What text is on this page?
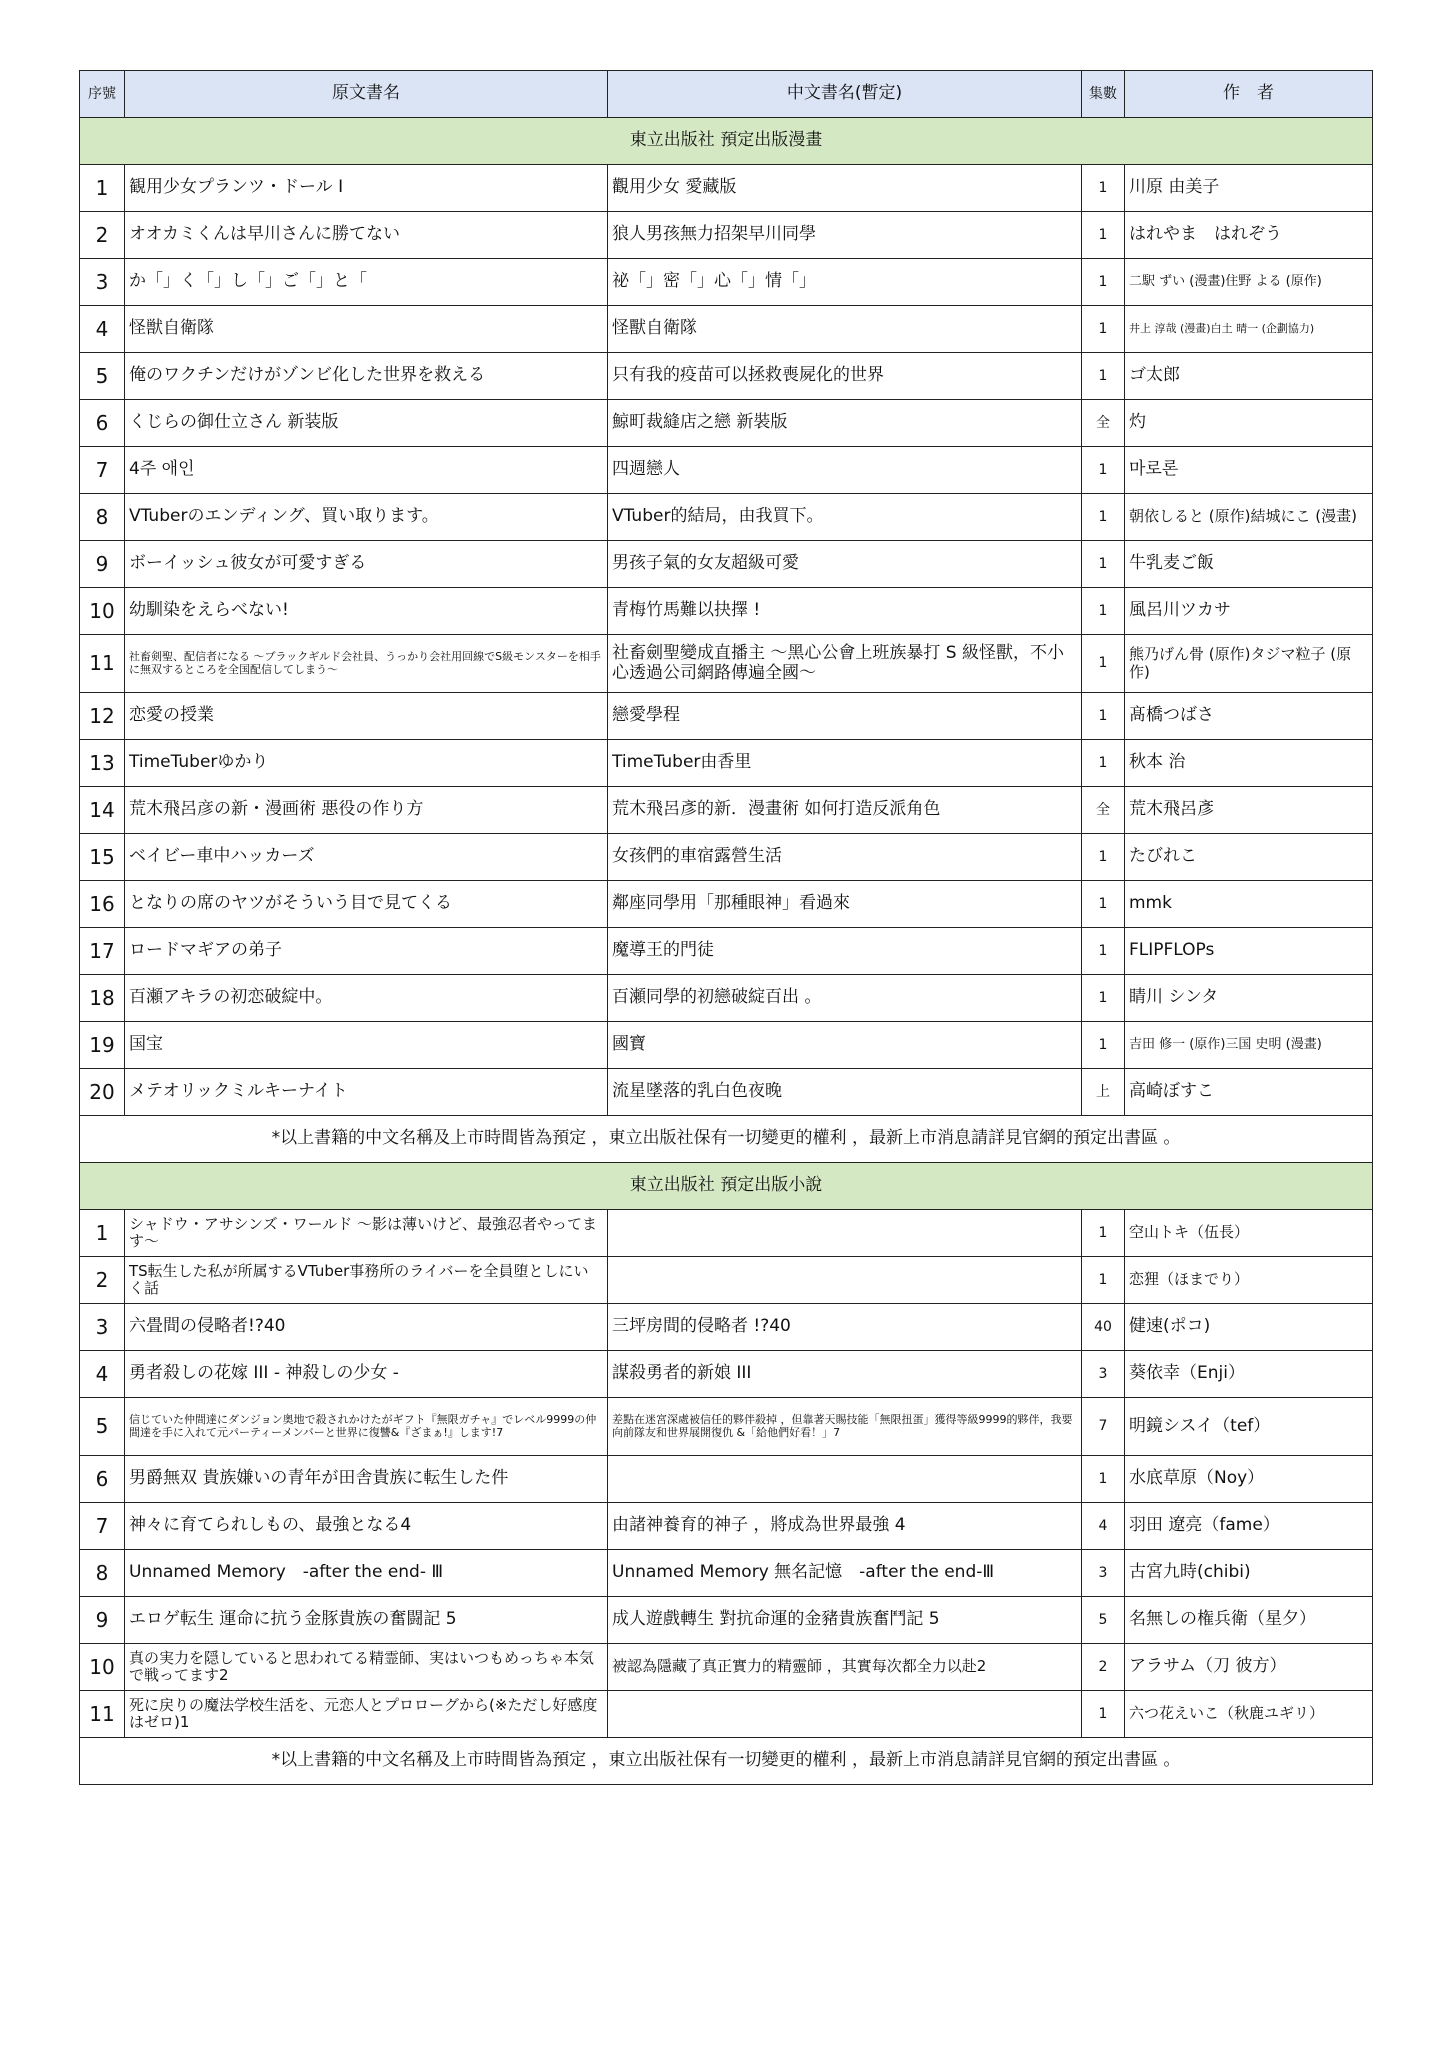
序號	原文書名	中文書名(暫定)	集數	作　者
東立出版社 預定出版漫畫				
1	観用少女プランツ・ドール Ⅰ	觀用少女 愛藏版	1	川原 由美子
2	オオカミくんは早川さんに勝てない	狼人男孩無力招架早川同學	1	はれやま　はれぞう
3	か「」く「」し「」ご「」と「	祕「」密「」心「」情「」	1	二駅 ずい (漫畫)住野 よる (原作)
4	怪獣自衛隊	怪獸自衛隊	1	井上 淳哉 (漫畫)白土 晴一 (企劃協力)
5	俺のワクチンだけがゾンビ化した世界を救える	只有我的疫苗可以拯救喪屍化的世界	1	ゴ太郎
6	くじらの御仕立さん 新装版	鯨町裁縫店之戀 新裝版	全	灼
7	4주 애인	四週戀人	1	마로론
8	VTuberのエンディング、買い取ります。	VTuber的結局，由我買下。	1	朝依しると (原作)結城にこ (漫畫)
9	ボーイッシュ彼女が可愛すぎる	男孩子氣的女友超級可愛	1	牛乳麦ご飯
10	幼馴染をえらべない!	青梅竹馬難以抉擇 !	1	風呂川ツカサ
11	社畜剣聖、配信者になる ～ブラックギルド会社員、うっかり会社用回線でS級モンスターを相手に無双するところを全国配信してしまう～	社畜劍聖變成直播主 ～黑心公會上班族暴打 S 級怪獸，不小心透過公司網路傳遍全國～	1	熊乃げん骨 (原作)タジマ粒子 (原作)
12	恋愛の授業	戀愛學程	1	髙橋つばさ
13	TimeTuberゆかり	TimeTuber由香里	1	秋本 治
14	荒木飛呂彦の新・漫画術 悪役の作り方	荒木飛呂彥的新．漫畫術 如何打造反派角色	全	荒木飛呂彥
15	ベイビー車中ハッカーズ	女孩們的車宿露營生活	1	たびれこ
16	となりの席のヤツがそういう目で見てくる	鄰座同學用「那種眼神」看過來	1	mmk
17	ロードマギアの弟子	魔導王的門徒	1	FLIPFLOPs
18	百瀬アキラの初恋破綻中。	百瀬同學的初戀破綻百出 。	1	睛川 シンタ
19	国宝	國寶	1	吉田 修一 (原作)三国 史明 (漫畫)
20	メテオリックミルキーナイト	流星墜落的乳白色夜晚	上	高崎ぼすこ
*以上書籍的中文名稱及上市時間皆為預定 ，東立出版社保有一切變更的權利 ，最新上市消息請詳見官網的預定出書區 。				
東立出版社 預定出版小說				
1	シャドウ・アサシンズ・ワールド ～影は薄いけど、最強忍者やってます～		1	空山トキ（伍長）
2	TS転生した私が所属するVTuber事務所のライバーを全員堕としにいく話		1	恋狸（ほまでり）
3	六畳間の侵略者!?40	三坪房間的侵略者 !?40	40	健速(ポコ)
4	勇者殺しの花嫁 III - 神殺しの少女 -	謀殺勇者的新娘 III	3	葵依幸（Enji）
5	信じていた仲間達にダンジョン奥地で殺されかけたがギフト『無限ガチャ』でレベル9999の仲間達を手に入れて元パーティーメンバーと世界に復讐&『ざまぁ!』します!7	差點在迷宮深處被信任的夥伴殺掉 ，但靠著天賜技能「無限扭蛋」獲得等級9999的夥伴，我要向前隊友和世界展開復仇 &「給他們好看！」7	7	明鏡シスイ（tef）
6	男爵無双 貴族嫌いの青年が田舎貴族に転生した件		1	水底草原（Noy）
7	神々に育てられしもの、最強となる4	由諸神養育的神子 ，將成為世界最強 4	4	羽田 遼亮（fame）
8	Unnamed Memory　-after the end- Ⅲ	Unnamed Memory 無名記憶　-after the end-Ⅲ	3	古宮九時(chibi)
9	エロゲ転生 運命に抗う金豚貴族の奮闘記 5	成人遊戲轉生 對抗命運的金豬貴族奮鬥記 5	5	名無しの権兵衛（星夕）
10	真の実力を隠していると思われてる精霊師、実はいつもめっちゃ本気で戦ってます2	被認為隱藏了真正實力的精靈師 ，其實每次都全力以赴2	2	アラサム（刀 彼方）
11	死に戻りの魔法学校生活を、元恋人とプロローグから(※ただし好感度はゼロ)1		1	六つ花えいこ（秋鹿ユギリ）
*以上書籍的中文名稱及上市時間皆為預定 ，東立出版社保有一切變更的權利 ，最新上市消息請詳見官網的預定出書區 。				
